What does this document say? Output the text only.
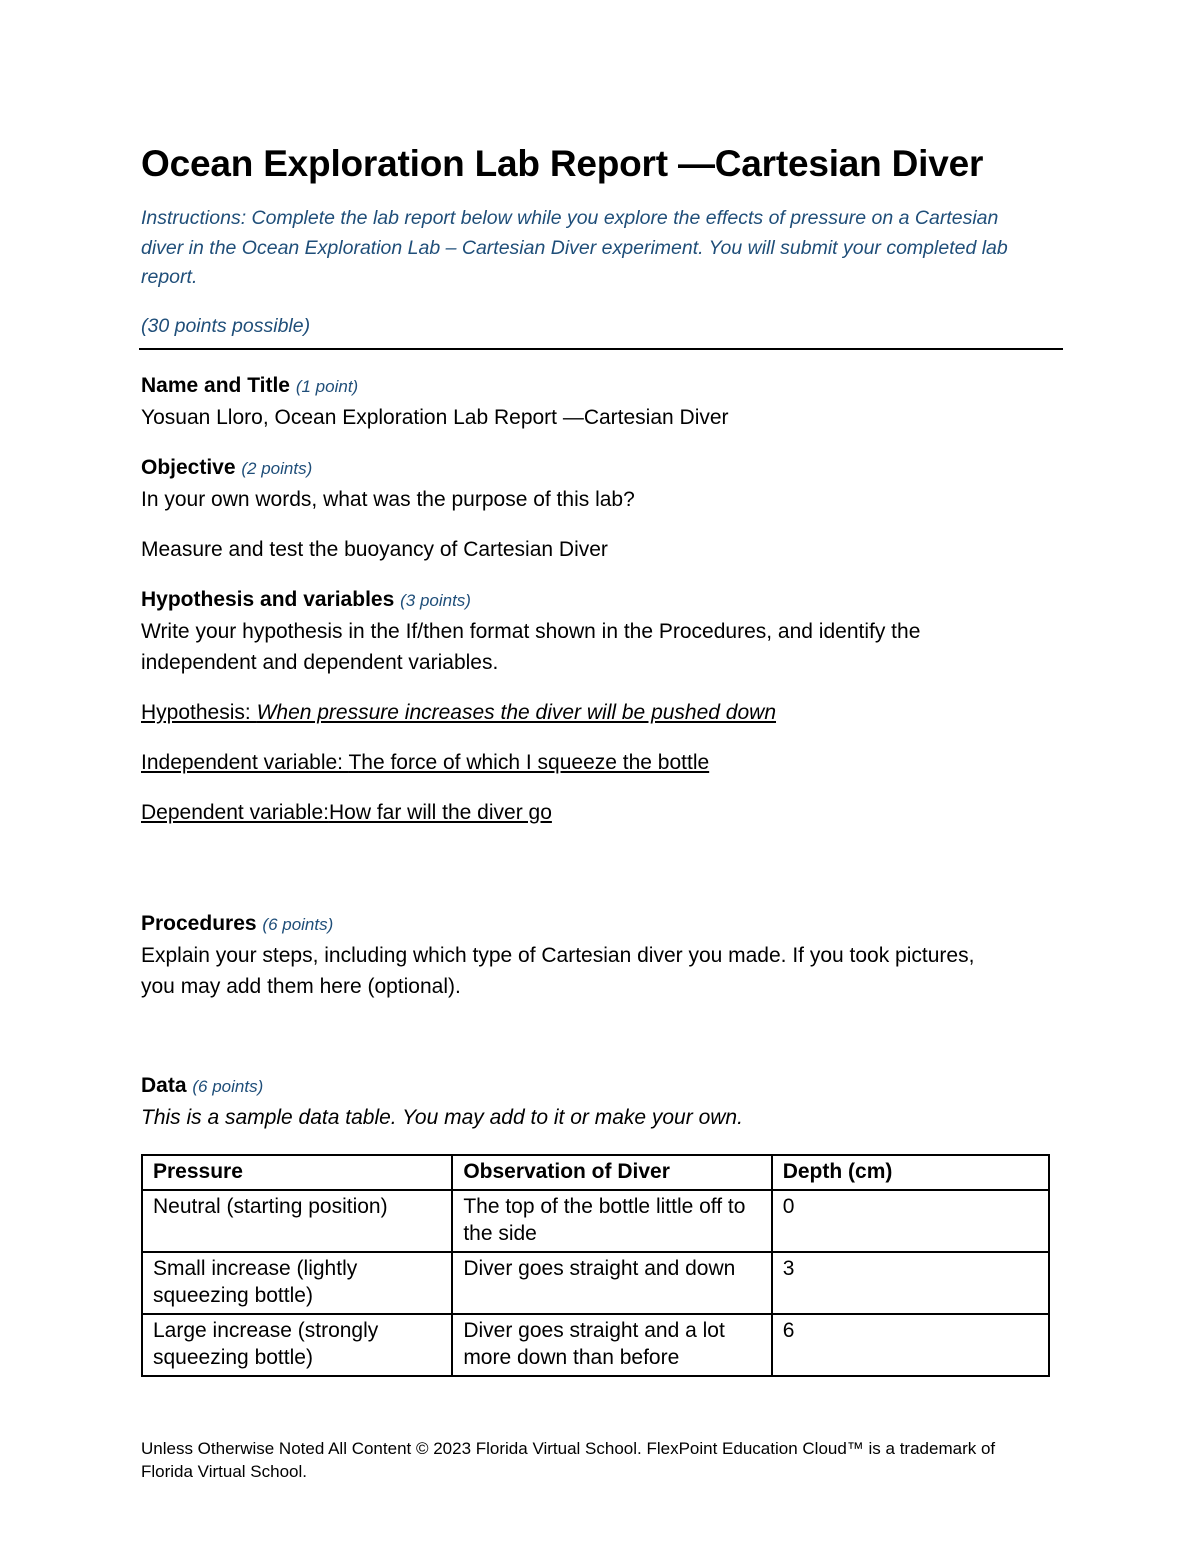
Ocean Exploration Lab Report —Cartesian Diver
Instructions: Complete the lab report below while you explore the effects of pressure on a Cartesian diver in the Ocean Exploration Lab – Cartesian Diver experiment. You will submit your completed lab report.
(30 points possible)
Name and Title (1 point)
Yosuan Lloro, Ocean Exploration Lab Report —Cartesian Diver
Objective (2 points)
In your own words, what was the purpose of this lab?
Measure and test the buoyancy of Cartesian Diver
Hypothesis and variables (3 points)
Write your hypothesis in the If/then format shown in the Procedures, and identify the independent and dependent variables.
Hypothesis: When pressure increases the diver will be pushed down
Independent variable: The force of which I squeeze the bottle
Dependent variable:How far will the diver go
Procedures (6 points)
Explain your steps, including which type of Cartesian diver you made. If you took pictures, you may add them here (optional).
Data (6 points)
This is a sample data table. You may add to it or make your own.
Pressure	Observation of Diver	Depth (cm)
Neutral (starting position)	The top of the bottle little off to the side	0
Small increase (lightly squeezing bottle)	Diver goes straight and down	3
Large increase (strongly squeezing bottle)	Diver goes straight and a lot more down than before	6
Unless Otherwise Noted All Content © 2023 Florida Virtual School. FlexPoint Education Cloud™ is a trademark of Florida Virtual School.
